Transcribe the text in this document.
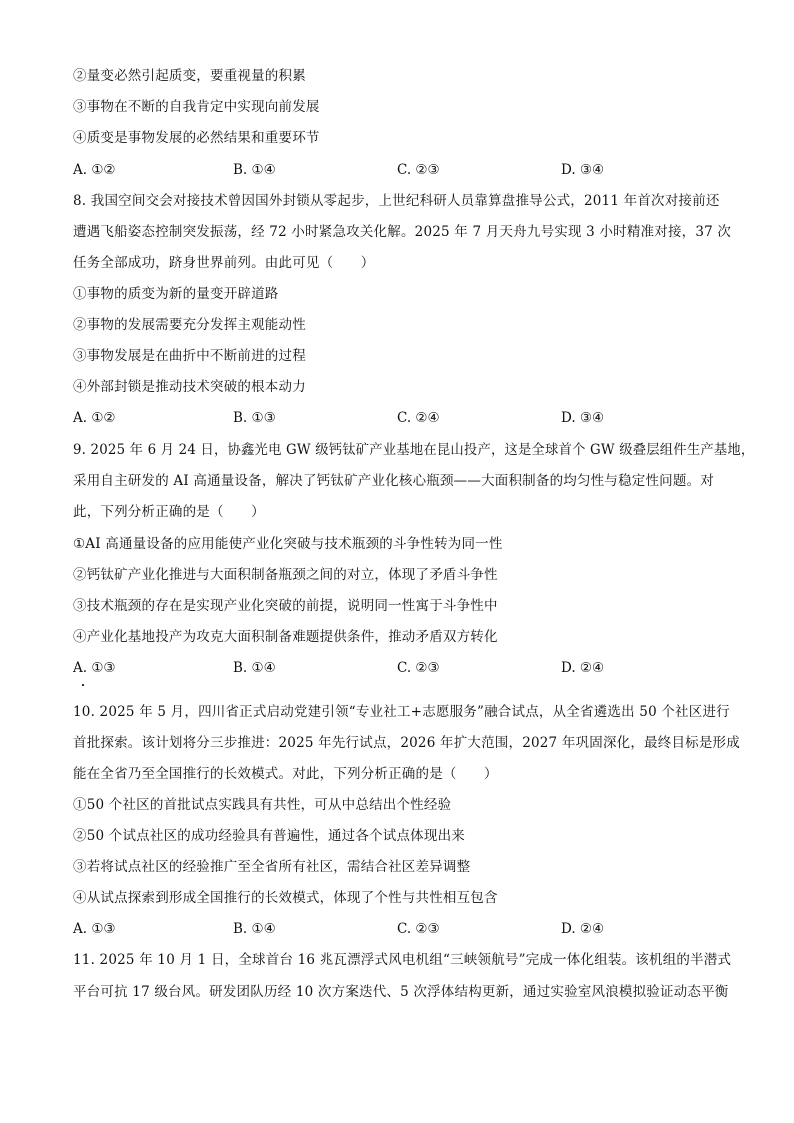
②量变必然引起质变，要重视量的积累
③事物在不断的自我肯定中实现向前发展
④质变是事物发展的必然结果和重要环节
A. ①②	B. ①④	C. ②③	D. ③④
8. 我国空间交会对接技术曾因国外封锁从零起步，上世纪科研人员靠算盘推导公式，2011 年首次对接前还
遭遇飞船姿态控制突发振荡，经 72 小时紧急攻关化解。2025 年 7 月天舟九号实现 3 小时精准对接，37 次
任务全部成功，跻身世界前列。由此可见（　　）
①事物的质变为新的量变开辟道路
②事物的发展需要充分发挥主观能动性
③事物发展是在曲折中不断前进的过程
④外部封锁是推动技术突破的根本动力
A. ①②	B. ①③	C. ②④	D. ③④
9. 2025 年 6 月 24 日，协鑫光电 GW 级钙钛矿产业基地在昆山投产，这是全球首个 GW 级叠层组件生产基地，
采用自主研发的 AI 高通量设备，解决了钙钛矿产业化核心瓶颈——大面积制备的均匀性与稳定性问题。对
此，下列分析正确的是（　　）
①AI 高通量设备的应用能使产业化突破与技术瓶颈的斗争性转为同一性
②钙钛矿产业化推进与大面积制备瓶颈之间的对立，体现了矛盾斗争性
③技术瓶颈的存在是实现产业化突破的前提，说明同一性寓于斗争性中
④产业化基地投产为攻克大面积制备难题提供条件，推动矛盾双方转化
A. ①③	B. ①④	C. ②③	D. ②④
10. 2025 年 5 月，四川省正式启动党建引领“专业社工+志愿服务”融合试点，从全省遴选出 50 个社区进行
首批探索。该计划将分三步推进：2025 年先行试点，2026 年扩大范围，2027 年巩固深化，最终目标是形成
能在全省乃至全国推行的长效模式。对此，下列分析正确的是（　　）
①50 个社区的首批试点实践具有共性，可从中总结出个性经验
②50 个试点社区的成功经验具有普遍性，通过各个试点体现出来
③若将试点社区的经验推广至全省所有社区，需结合社区差异调整
④从试点探索到形成全国推行的长效模式，体现了个性与共性相互包含
A. ①③	B. ①④	C. ②③	D. ②④
11. 2025 年 10 月 1 日，全球首台 16 兆瓦漂浮式风电机组“三峡领航号”完成一体化组装。该机组的半潜式
平台可抗 17 级台风。研发团队历经 10 次方案迭代、5 次浮体结构更新，通过实验室风浪模拟验证动态平衡
